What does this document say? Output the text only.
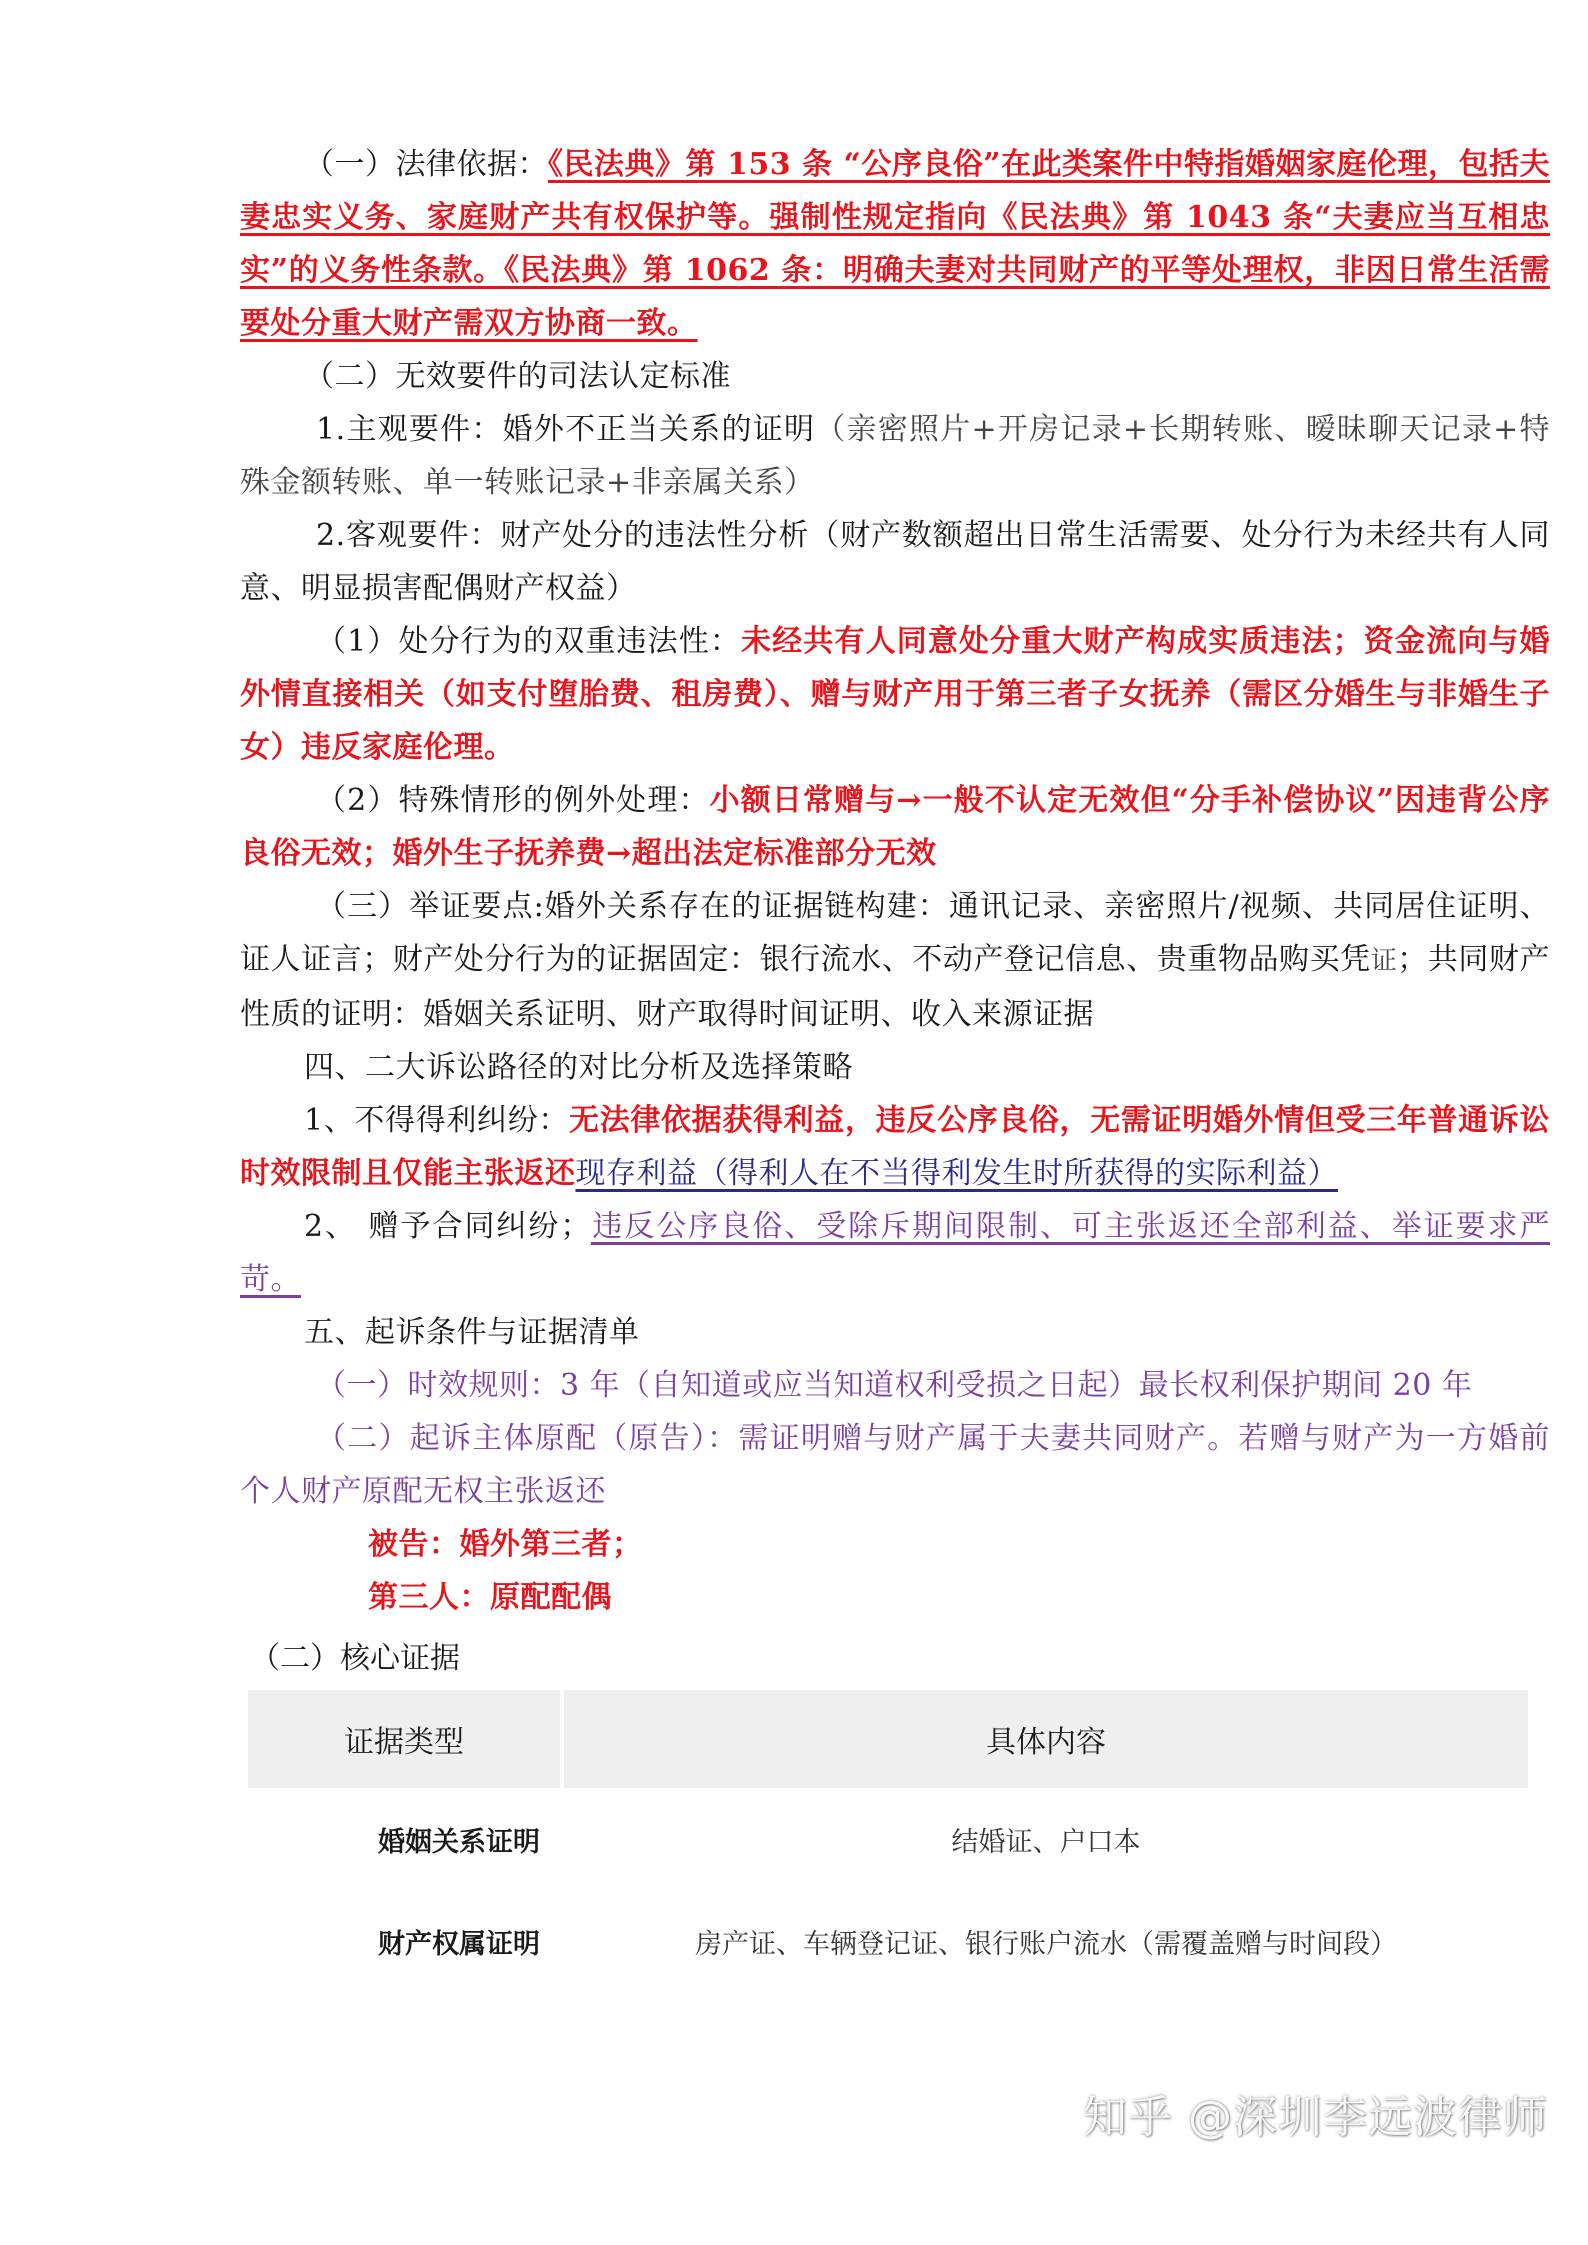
（一）法律依据：《民法典》第 153 条 “公序良俗”在此类案件中特指婚姻家庭伦理，包括夫妻忠实义务、家庭财产共有权保护等。强制性规定指向《民法典》第 1043 条“夫妻应当互相忠实”的义务性条款。《民法典》第 1062 条：明确夫妻对共同财产的平等处理权，非因日常生活需要处分重大财产需双方协商一致。

（二）无效要件的司法认定标准

1.主观要件：婚外不正当关系的证明（亲密照片+开房记录+长期转账、暧昧聊天记录+特殊金额转账、单一转账记录+非亲属关系）

2.客观要件：财产处分的违法性分析（财产数额超出日常生活需要、处分行为未经共有人同意、明显损害配偶财产权益）

（1）处分行为的双重违法性：未经共有人同意处分重大财产构成实质违法；资金流向与婚外情直接相关（如支付堕胎费、租房费）、赠与财产用于第三者子女抚养（需区分婚生与非婚生子女）违反家庭伦理。

（2）特殊情形的例外处理：小额日常赠与→一般不认定无效但“分手补偿协议”因违背公序良俗无效；婚外生子抚养费→超出法定标准部分无效

（三）举证要点:婚外关系存在的证据链构建：通讯记录、亲密照片/视频、共同居住证明、证人证言；财产处分行为的证据固定：银行流水、不动产登记信息、贵重物品购买凭证；共同财产性质的证明：婚姻关系证明、财产取得时间证明、收入来源证据

四、二大诉讼路径的对比分析及选择策略

1、不得得利纠纷：无法律依据获得利益，违反公序良俗，无需证明婚外情但受三年普通诉讼时效限制且仅能主张返还现存利益（得利人在不当得利发生时所获得的实际利益）

2、 赠予合同纠纷；违反公序良俗、受除斥期间限制、可主张返还全部利益、举证要求严苛。

五、起诉条件与证据清单

（一）时效规则：3 年（自知道或应当知道权利受损之日起）最长权利保护期间 20 年

（二）起诉主体原配（原告）：需证明赠与财产属于夫妻共同财产。若赠与财产为一方婚前个人财产原配无权主张返还

被告：婚外第三者；

第三人：原配配偶

（二）核心证据

证据类型	具体内容
婚姻关系证明	结婚证、户口本
财产权属证明	房产证、车辆登记证、银行账户流水（需覆盖赠与时间段）
知乎 @深圳李远波律师
